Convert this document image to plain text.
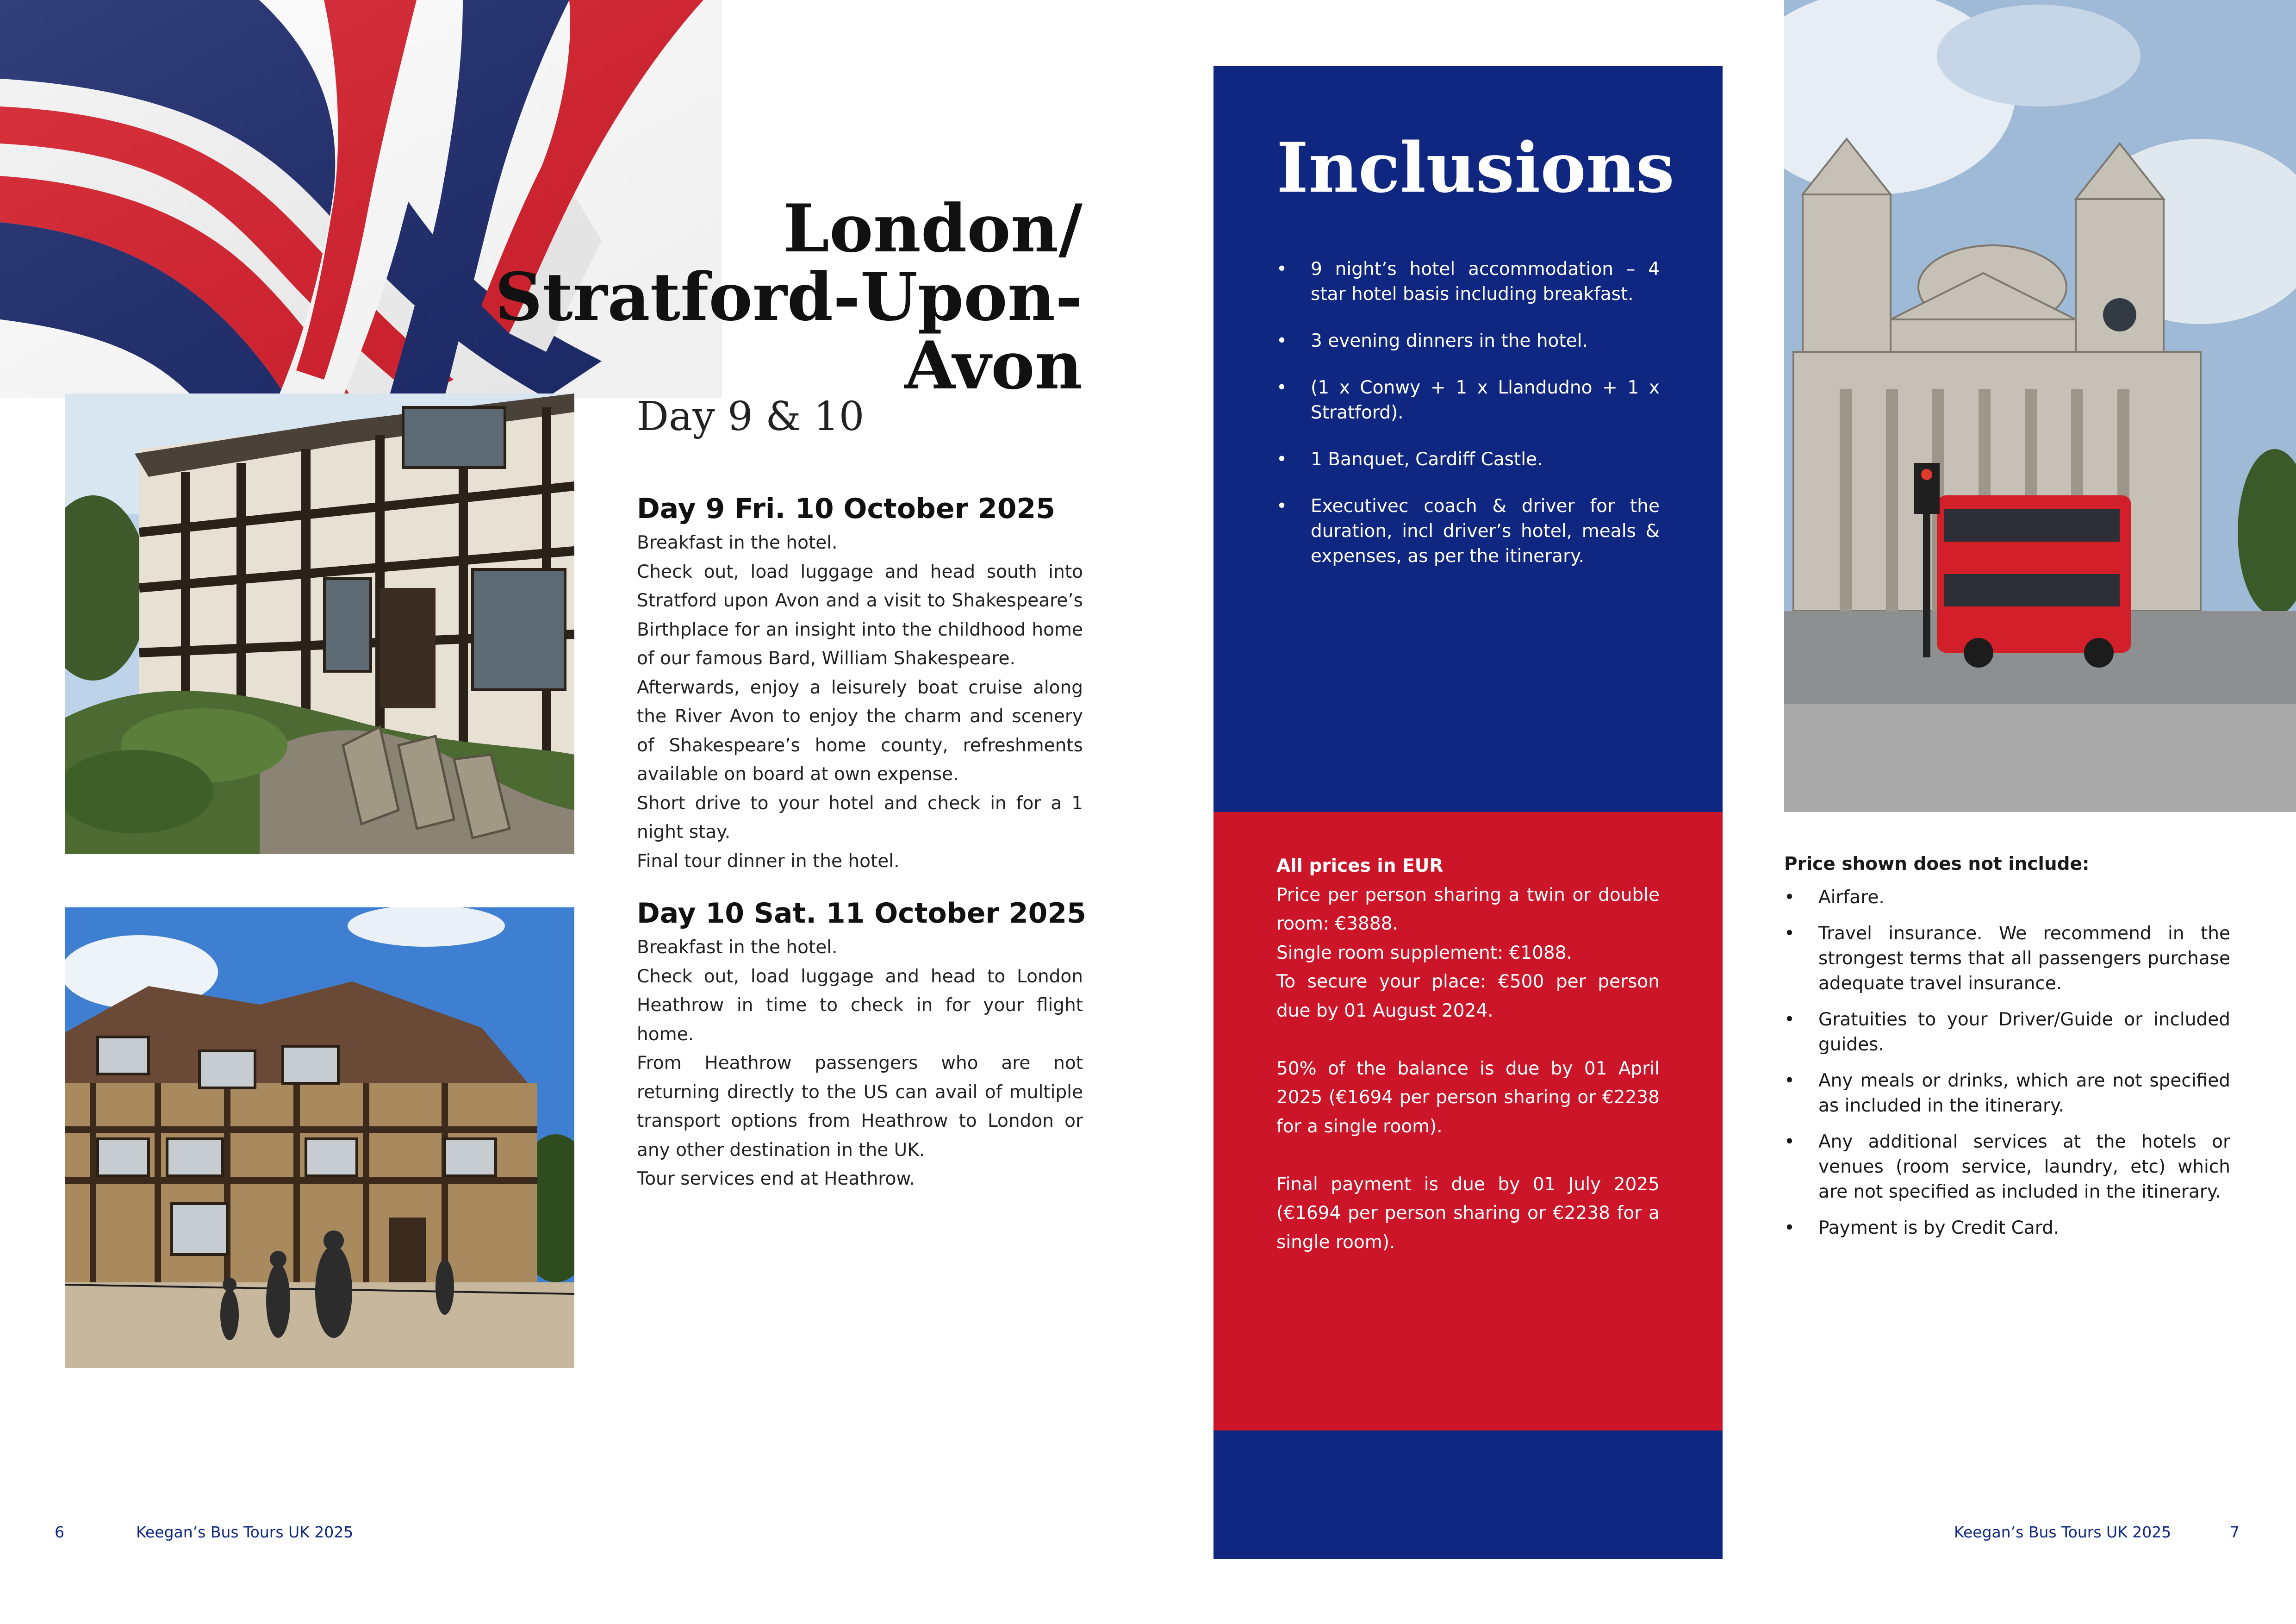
London/
Stratford-Upon-Avon
Day 9 & 10
Day 9 Fri. 10 October 2025

Breakfast in the hotel.

Check out, load luggage and head south into Stratford upon Avon and a visit to Shakespeare’s Birthplace for an insight into the childhood home of our famous Bard, William Shakespeare.

Afterwards, enjoy a leisurely boat cruise along the River Avon to enjoy the charm and scenery of Shakespeare’s home county, refreshments available on board at own expense.

Short drive to your hotel and check in for a 1 night stay.

Final tour dinner in the hotel.

Day 10 Sat. 11 October 2025

Breakfast in the hotel.

Check out, load luggage and head to London Heathrow in time to check in for your flight home.

From Heathrow passengers who are not returning directly to the US can avail of multiple transport options from Heathrow to London or any other destination in the UK.

Tour services end at Heathrow.

6	Keegan’s Bus Tours UK 2025
Inclusions
• 9 night’s hotel accommodation – 4 star hotel basis including breakfast.
• 3 evening dinners in the hotel.
• (1 x Conwy + 1 x Llandudno + 1 x Stratford).
• 1 Banquet, Cardiff Castle.
• Executivec coach & driver for the duration, incl driver’s hotel, meals & expenses, as per the itinerary.

All prices in EUR

Price per person sharing a twin or double room: €3888.

Single room supplement: €1088.

To secure your place: €500 per person due by 01 August 2024.

50% of the balance is due by 01 April 2025 (€1694 per person sharing or €2238 for a single room).

Final payment is due by 01 July 2025 (€1694 per person sharing or €2238 for a single room).

Price shown does not include:
• Airfare.
• Travel insurance. We recommend in the strongest terms that all passengers purchase adequate travel insurance.
• Gratuities to your Driver/Guide or included guides.
• Any meals or drinks, which are not specified as included in the itinerary.
• Any additional services at the hotels or venues (room service, laundry, etc) which are not specified as included in the itinerary.
• Payment is by Credit Card.
Keegan’s Bus Tours UK 2025	7
